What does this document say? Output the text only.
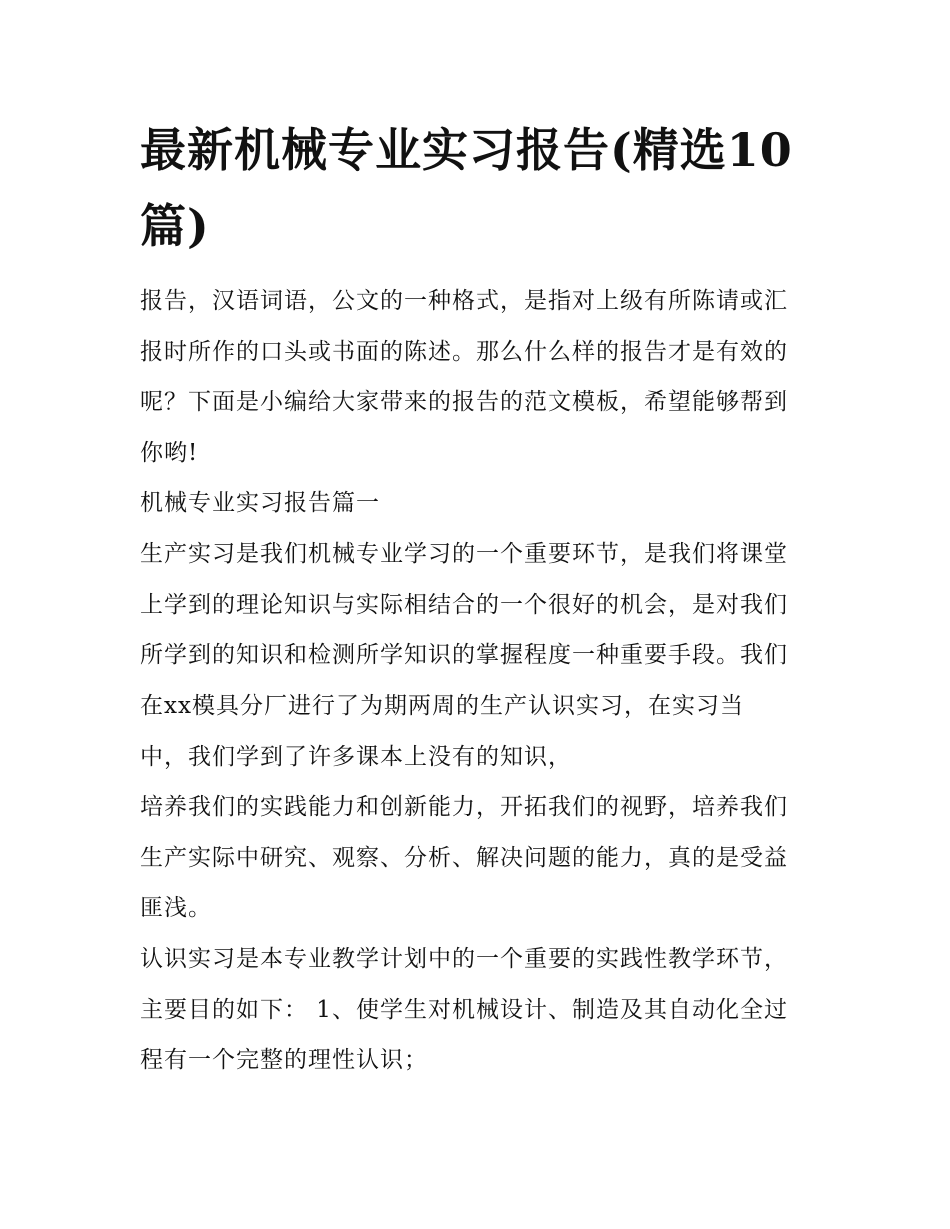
最新机械专业实习报告(精选10篇)

报告，汉语词语，公文的一种格式，是指对上级有所陈请或汇

报时所作的口头或书面的陈述。那么什么样的报告才是有效的

呢？下面是小编给大家带来的报告的范文模板，希望能够帮到

你哟!

机械专业实习报告篇一

生产实习是我们机械专业学习的一个重要环节，是我们将课堂

上学到的理论知识与实际相结合的一个很好的机会，是对我们

所学到的知识和检测所学知识的掌握程度一种重要手段。我们

在xx模具分厂进行了为期两周的生产认识实习，在实习当

中，我们学到了许多课本上没有的知识，

培养我们的实践能力和创新能力，开拓我们的视野，培养我们

生产实际中研究、观察、分析、解决问题的能力，真的是受益

匪浅。

认识实习是本专业教学计划中的一个重要的实践性教学环节，

主要目的如下： 1、使学生对机械设计、制造及其自动化全过

程有一个完整的理性认识；
